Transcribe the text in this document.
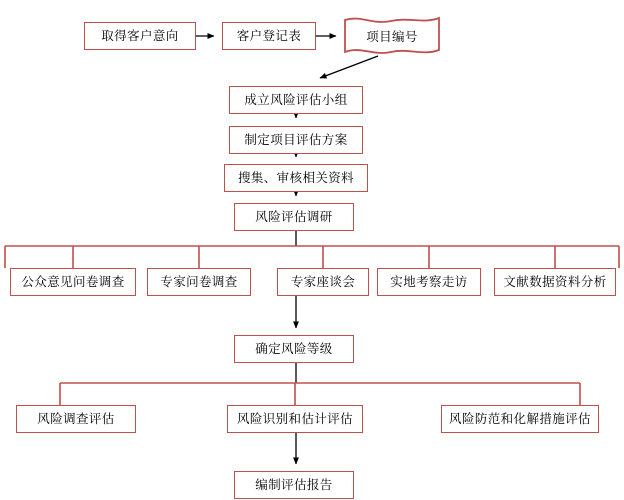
取得客户意向	客户登记表	项目编号
成立风险评估小组
制定项目评估方案
搜集、审核相关资料
风险评估调研
公众意见问卷调查	专家问卷调查	专家座谈会	实地考察走访	文献数据资料分析
确定风险等级
风险调查评估	风险识别和估计评估	风险防范和化解措施评估
编制评估报告
